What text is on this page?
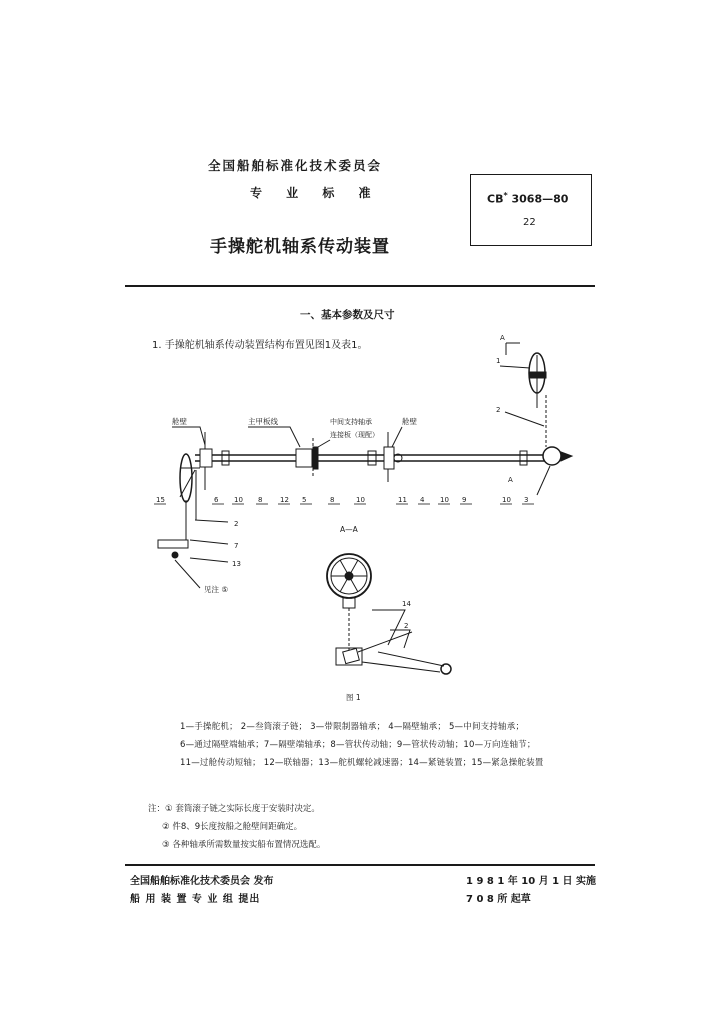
全国船舶标准化技术委员会
专 业 标 准
手操舵机轴系传动装置
CB* 3068—80
22
一、基本参数及尺寸
1. 手操舵机轴系传动装置结构布置见图1及表1。
舱壁	主甲板线	中间支持轴承
连接板（现配）
舱壁
见注 ⑤
1
2
A
A
15	6 10 8	12 5	8	10	11 4 10 9	10 3
2
7
13
A—A
14
2
图 1
1—手操舵机； 2—叁筒滚子链； 3—带限制器轴承； 4—隔壁轴承； 5—中间支持轴承；
6—通过隔壁端轴承；7—隔壁端轴承；8—管状传动轴；9—管状传动轴；10—万向连轴节；
11—过舱传动短轴； 12—联轴器；13—舵机螺轮减速器；14—紧链装置；15—紧急操舵装置
注：① 套筒滚子链之实际长度于安装时决定。
② 件8、9长度按船之舱壁间距确定。
③ 各种轴承所需数量按实船布置情况选配。
全国船舶标准化技术委员会 发布
船 用 装 置 专 业 组 提出
1 9 8 1 年 10 月 1 日 实施
7 0 8 所 起草
